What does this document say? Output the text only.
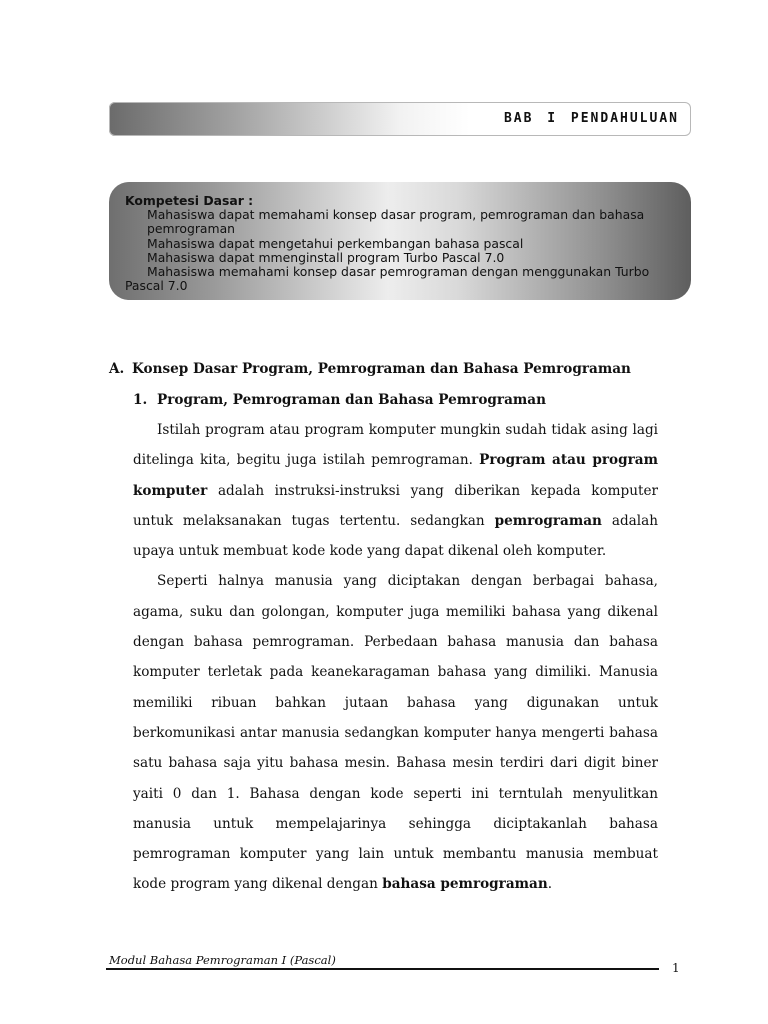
BAB I PENDAHULUAN
Kompetesi Dasar :
Mahasiswa dapat memahami konsep dasar program, pemrograman dan bahasa
pemrograman
Mahasiswa dapat mengetahui perkembangan bahasa pascal
Mahasiswa dapat mmenginstall program Turbo Pascal 7.0
Mahasiswa memahami konsep dasar pemrograman dengan menggunakan Turbo
Pascal 7.0
A. Konsep Dasar Program, Pemrograman dan Bahasa Pemrograman
1. Program, Pemrograman dan Bahasa Pemrograman

Istilah program atau program komputer mungkin sudah tidak asing lagi ditelinga kita, begitu juga istilah pemrograman. Program atau program komputer adalah instruksi-instruksi yang diberikan kepada komputer untuk melaksanakan tugas tertentu. sedangkan pemrograman adalah upaya untuk membuat kode kode yang dapat dikenal oleh komputer.

Seperti halnya manusia yang diciptakan dengan berbagai bahasa, agama, suku dan golongan, komputer juga memiliki bahasa yang dikenal dengan bahasa pemrograman. Perbedaan bahasa manusia dan bahasa komputer terletak pada keanekaragaman bahasa yang dimiliki. Manusia memiliki ribuan bahkan jutaan bahasa yang digunakan untuk berkomunikasi antar manusia sedangkan komputer hanya mengerti bahasa satu bahasa saja yitu bahasa mesin. Bahasa mesin terdiri dari digit biner yaiti 0 dan 1. Bahasa dengan kode seperti ini terntulah menyulitkan manusia untuk mempelajarinya sehingga diciptakanlah bahasa pemrograman komputer yang lain untuk membantu manusia membuat kode program yang dikenal dengan bahasa pemrograman.

Modul Bahasa Pemrograman I (Pascal)
1
